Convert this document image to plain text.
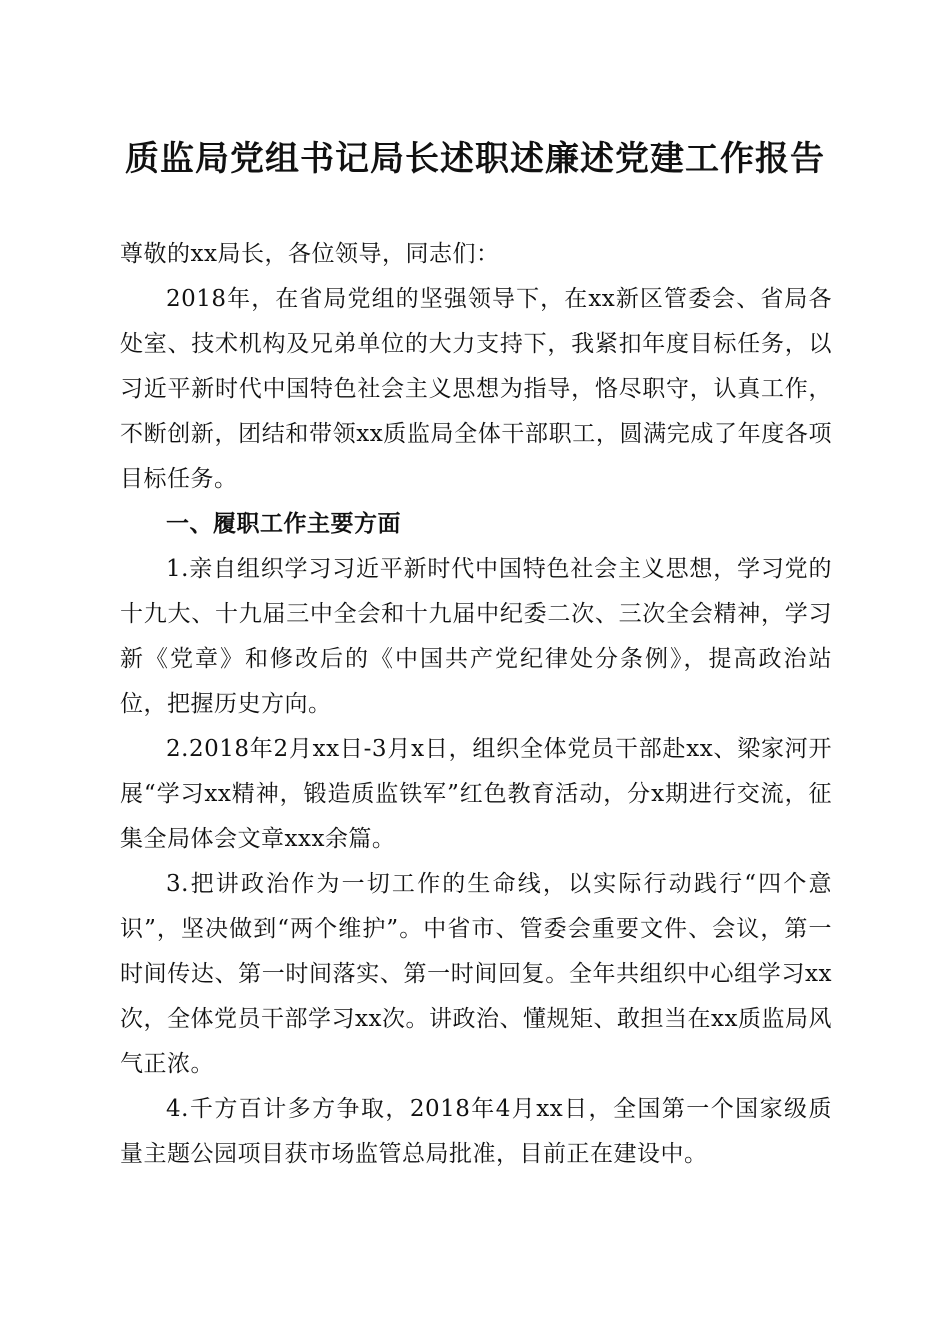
质监局党组书记局长述职述廉述党建工作报告

尊敬的xx局长，各位领导，同志们：

2018年，在省局党组的坚强领导下，在xx新区管委会、省局各处室、技术机构及兄弟单位的大力支持下，我紧扣年度目标任务，以习近平新时代中国特色社会主义思想为指导，恪尽职守，认真工作，不断创新，团结和带领xx质监局全体干部职工，圆满完成了年度各项目标任务。

一、履职工作主要方面

1.亲自组织学习习近平新时代中国特色社会主义思想，学习党的十九大、十九届三中全会和十九届中纪委二次、三次全会精神，学习新《党章》和修改后的《中国共产党纪律处分条例》，提高政治站位，把握历史方向。

2.2018年2月xx日-3月x日，组织全体党员干部赴xx、梁家河开展“学习xx精神，锻造质监铁军”红色教育活动，分x期进行交流，征集全局体会文章xxx余篇。

3.把讲政治作为一切工作的生命线，以实际行动践行“四个意识”，坚决做到“两个维护”。中省市、管委会重要文件、会议，第一时间传达、第一时间落实、第一时间回复。全年共组织中心组学习xx次，全体党员干部学习xx次。讲政治、懂规矩、敢担当在xx质监局风气正浓。

4.千方百计多方争取，2018年4月xx日，全国第一个国家级质量主题公园项目获市场监管总局批准，目前正在建设中。
